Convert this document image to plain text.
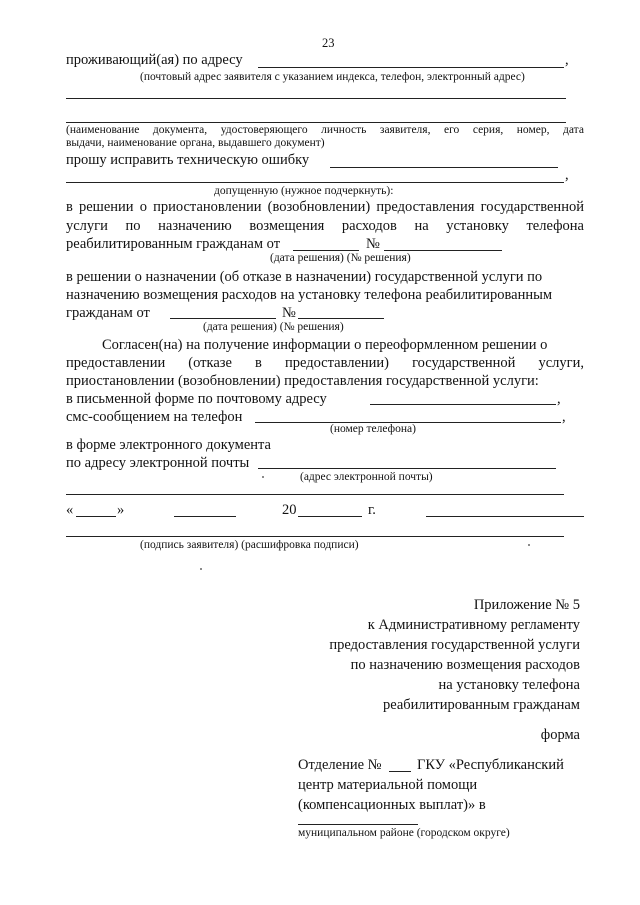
23
проживающий(ая) по адресу	,
(почтовый адрес заявителя с указанием индекса, телефон, электронный адрес)
(наименование документа, удостоверяющего личность заявителя, его серия, номер, дата
выдачи, наименование органа, выдавшего документ)
прошу исправить техническую ошибку
,
допущенную (нужное подчеркнуть):
в решении о приостановлении (возобновлении) предоставления государственной
услуги по назначению возмещения расходов на установку телефона
реабилитированным гражданам от	№
(дата решения) (№ решения)
в решении о назначении (об отказе в назначении) государственной услуги по
назначению возмещения расходов на установку телефона реабилитированным
гражданам от	№
(дата решения) (№ решения)
Согласен(на) на получение информации о переоформленном решении о
предоставлении (отказе в предоставлении) государственной услуги,
приостановлении (возобновлении) предоставления государственной услуги:
в письменной форме по почтовому адресу	,
смс-сообщением на телефон	,
(номер телефона)
в форме электронного документа
по адресу электронной почты
(адрес электронной почты)
«	»	20	г.
(подпись заявителя) (расшифровка подписи)
Приложение № 5
к Административному регламенту
предоставления государственной услуги
по назначению возмещения расходов
на установку телефона
реабилитированным гражданам
форма
Отделение № ГКУ «Республиканский
центр материальной помощи
(компенсационных выплат)» в
муниципальном районе (городском округе)
